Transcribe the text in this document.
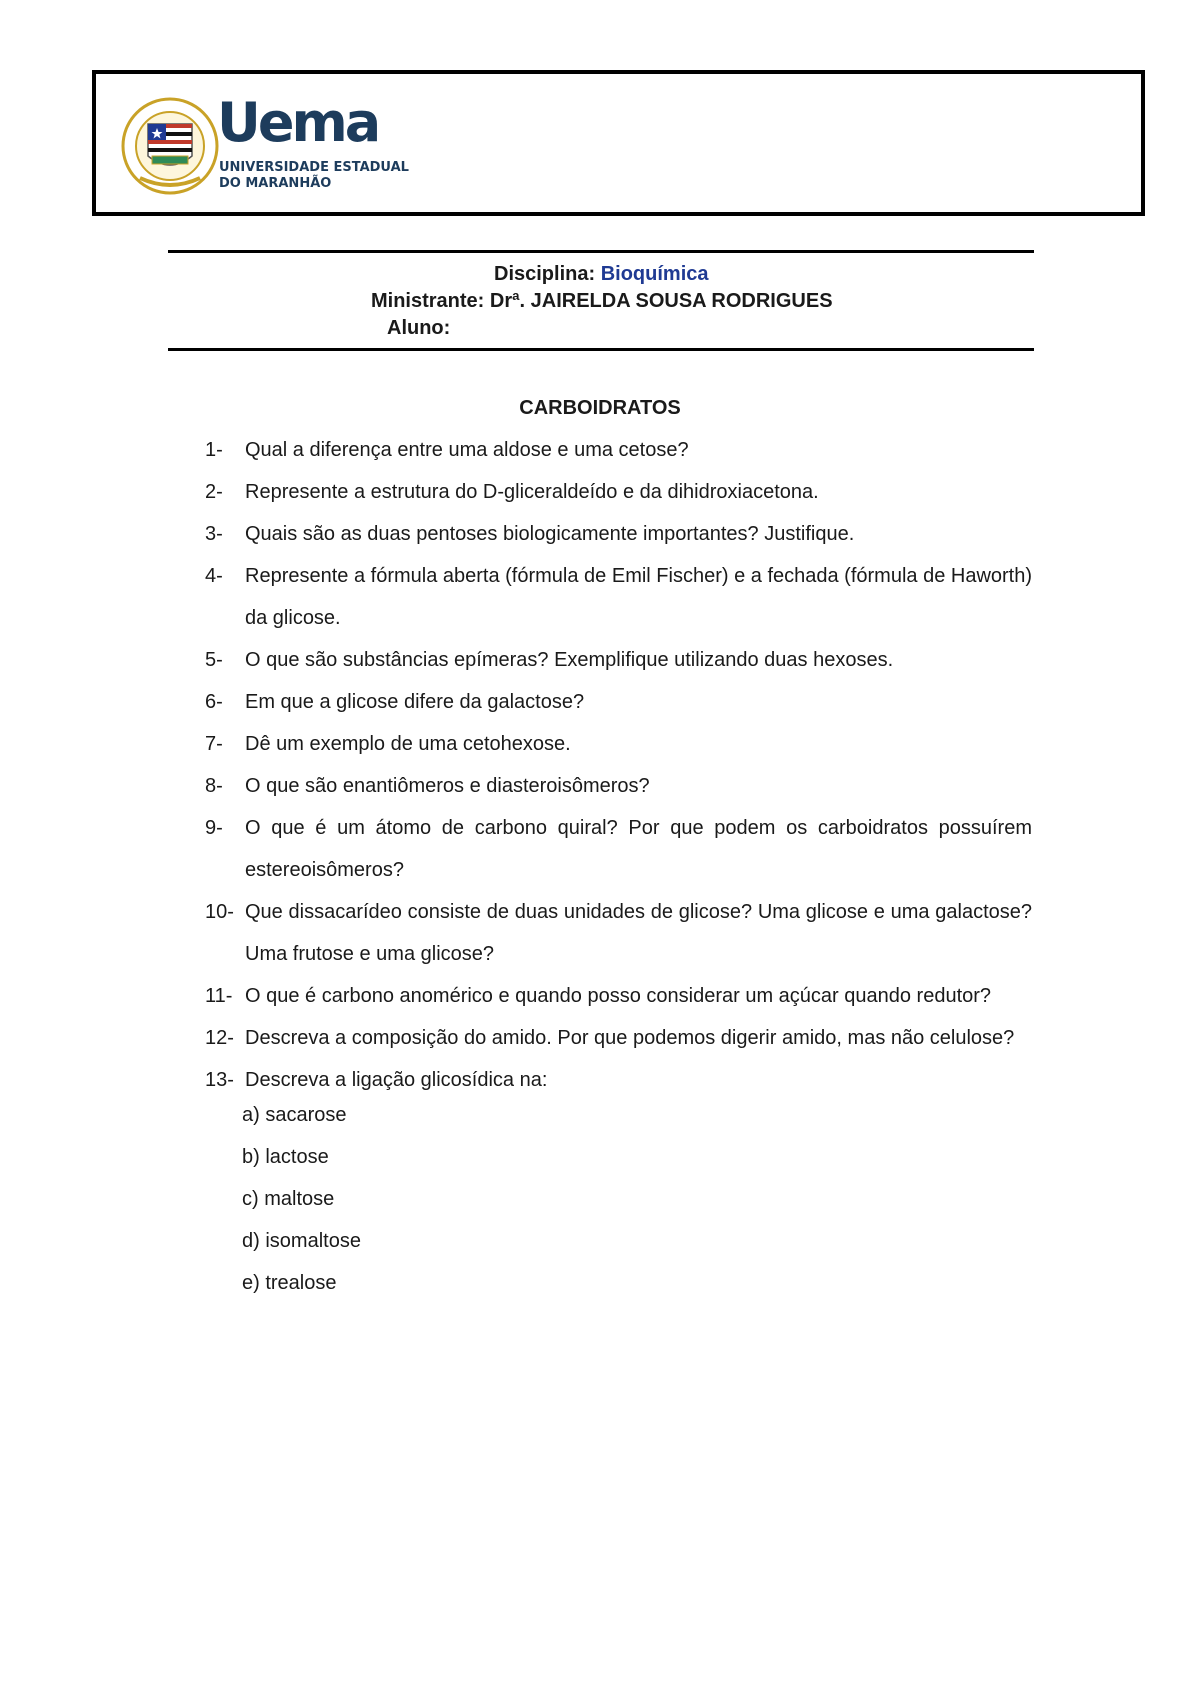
Uema
UNIVERSIDADE ESTADUAL
DO MARANHÃO
Disciplina: Bioquímica
Ministrante: Drª. JAIRELDA SOUSA RODRIGUES
Aluno:
CARBOIDRATOS
1- Qual a diferença entre uma aldose e uma cetose?
2- Represente a estrutura do D-gliceraldeído e da dihidroxiacetona.
3- Quais são as duas pentoses biologicamente importantes? Justifique.
4- Represente a fórmula aberta (fórmula de Emil Fischer) e a fechada (fórmula de Haworth) da glicose.
5- O que são substâncias epímeras? Exemplifique utilizando duas hexoses.
6- Em que a glicose difere da galactose?
7- Dê um exemplo de uma cetohexose.
8- O que são enantiômeros e diasteroisômeros?
9- O que é um átomo de carbono quiral? Por que podem os carboidratos possuírem estereoisômeros?
10- Que dissacarídeo consiste de duas unidades de glicose? Uma glicose e uma galactose? Uma frutose e uma glicose?
11- O que é carbono anomérico e quando posso considerar um açúcar quando redutor?
12- Descreva a composição do amido. Por que podemos digerir amido, mas não celulose?
13- Descreva a ligação glicosídica na:
a) sacarose
b) lactose
c) maltose
d) isomaltose
e) trealose
